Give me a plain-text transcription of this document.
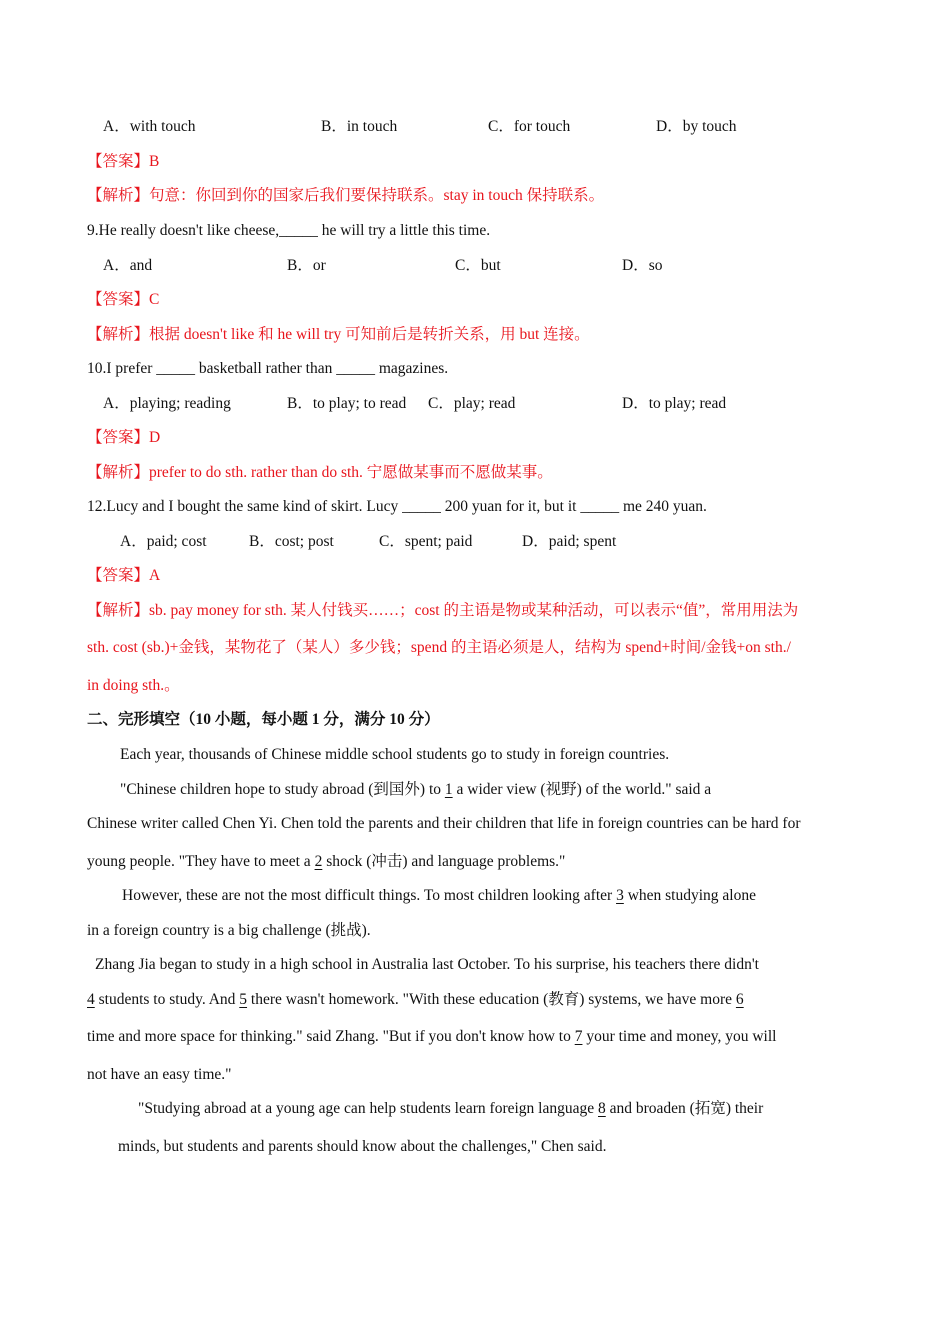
A．with touch	B．in touch	C．for touch	D．by touch
【答案】B
【解析】句意：你回到你的国家后我们要保持联系。stay in touch 保持联系。
9.He really doesn't like cheese,_____ he will try a little this time.
A．and	B．or	C．but	D．so
【答案】C
【解析】根据 doesn't like 和 he will try 可知前后是转折关系，用 but 连接。
10.I prefer _____ basketball rather than _____ magazines.
A．playing; reading	B．to play; to read C．play; read	D．to play; read
【答案】D
【解析】prefer to do sth. rather than do sth. 宁愿做某事而不愿做某事。
12.Lucy and I bought the same kind of skirt. Lucy _____ 200 yuan for it, but it _____ me 240 yuan.
A．paid; cost	B．cost; post	C．spent; paid	D．paid; spent
【答案】A
【解析】sb. pay money for sth. 某人付钱买……；cost 的主语是物或某种活动，可以表示“值”，常用用法为
sth. cost (sb.)+金钱，某物花了（某人）多少钱；spend 的主语必须是人，结构为 spend+时间/金钱+on sth./
in doing sth.。
二、完形填空（10 小题，每小题 1 分，满分 10 分）
Each year, thousands of Chinese middle school students go to study in foreign countries.
"Chinese children hope to study abroad (到国外) to 1 a wider view (视野) of the world." said a
Chinese writer called Chen Yi. Chen told the parents and their children that life in foreign countries can be hard for
young people. "They have to meet a 2 shock (冲击) and language problems."
However, these are not the most difficult things. To most children looking after 3 when studying alone
in a foreign country is a big challenge (挑战).
Zhang Jia began to study in a high school in Australia last October. To his surprise, his teachers there didn't
4 students to study. And 5 there wasn't homework. "With these education (教育) systems, we have more 6
time and more space for thinking." said Zhang. "But if you don't know how to 7 your time and money, you will
not have an easy time."
"Studying abroad at a young age can help students learn foreign language 8 and broaden (拓宽) their
minds, but students and parents should know about the challenges," Chen said.
